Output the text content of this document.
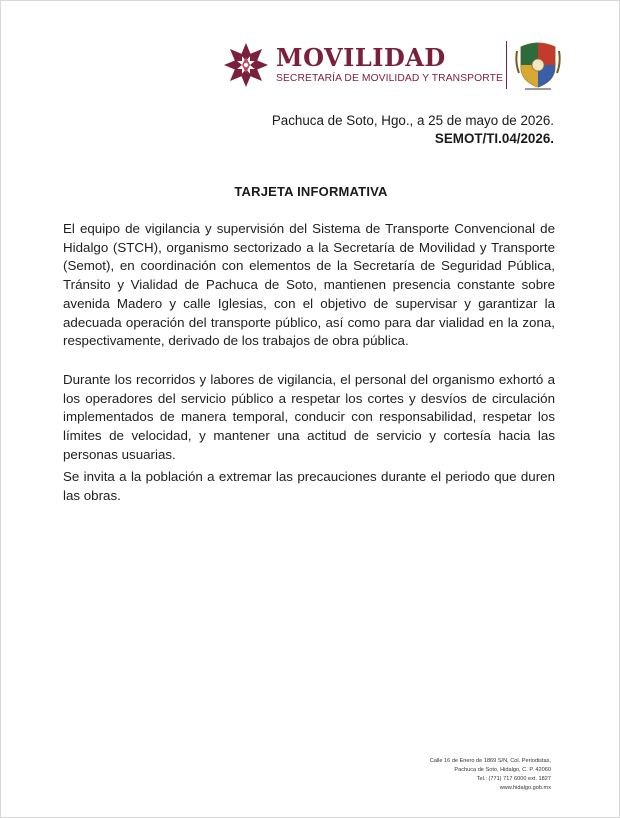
MOVILIDAD
SECRETARÍA DE MOVILIDAD Y TRANSPORTE
Pachuca de Soto, Hgo., a 25 de mayo de 2026.
SEMOT/TI.04/2026.
TARJETA INFORMATIVA

El equipo de vigilancia y supervisión del Sistema de Transporte Convencional de Hidalgo (STCH), organismo sectorizado a la Secretaría de Movilidad y Transporte (Semot), en coordinación con elementos de la Secretaría de Seguridad Pública, Tránsito y Vialidad de Pachuca de Soto, mantienen presencia constante sobre avenida Madero y calle Iglesias, con el objetivo de supervisar y garantizar la adecuada operación del transporte público, así como para dar vialidad en la zona, respectivamente, derivado de los trabajos de obra pública.

Durante los recorridos y labores de vigilancia, el personal del organismo exhortó a los operadores del servicio público a respetar los cortes y desvíos de circulación implementados de manera temporal, conducir con responsabilidad, respetar los límites de velocidad, y mantener una actitud de servicio y cortesía hacia las personas usuarias.

Se invita a la población a extremar las precauciones durante el periodo que duren las obras.

Calle 16 de Enero de 1869 S/N, Col. Periodistas,
Pachuca de Soto, Hidalgo, C. P. 42060
Tel.: (771) 717 6000 ext. 1827
www.hidalgo.gob.mx
